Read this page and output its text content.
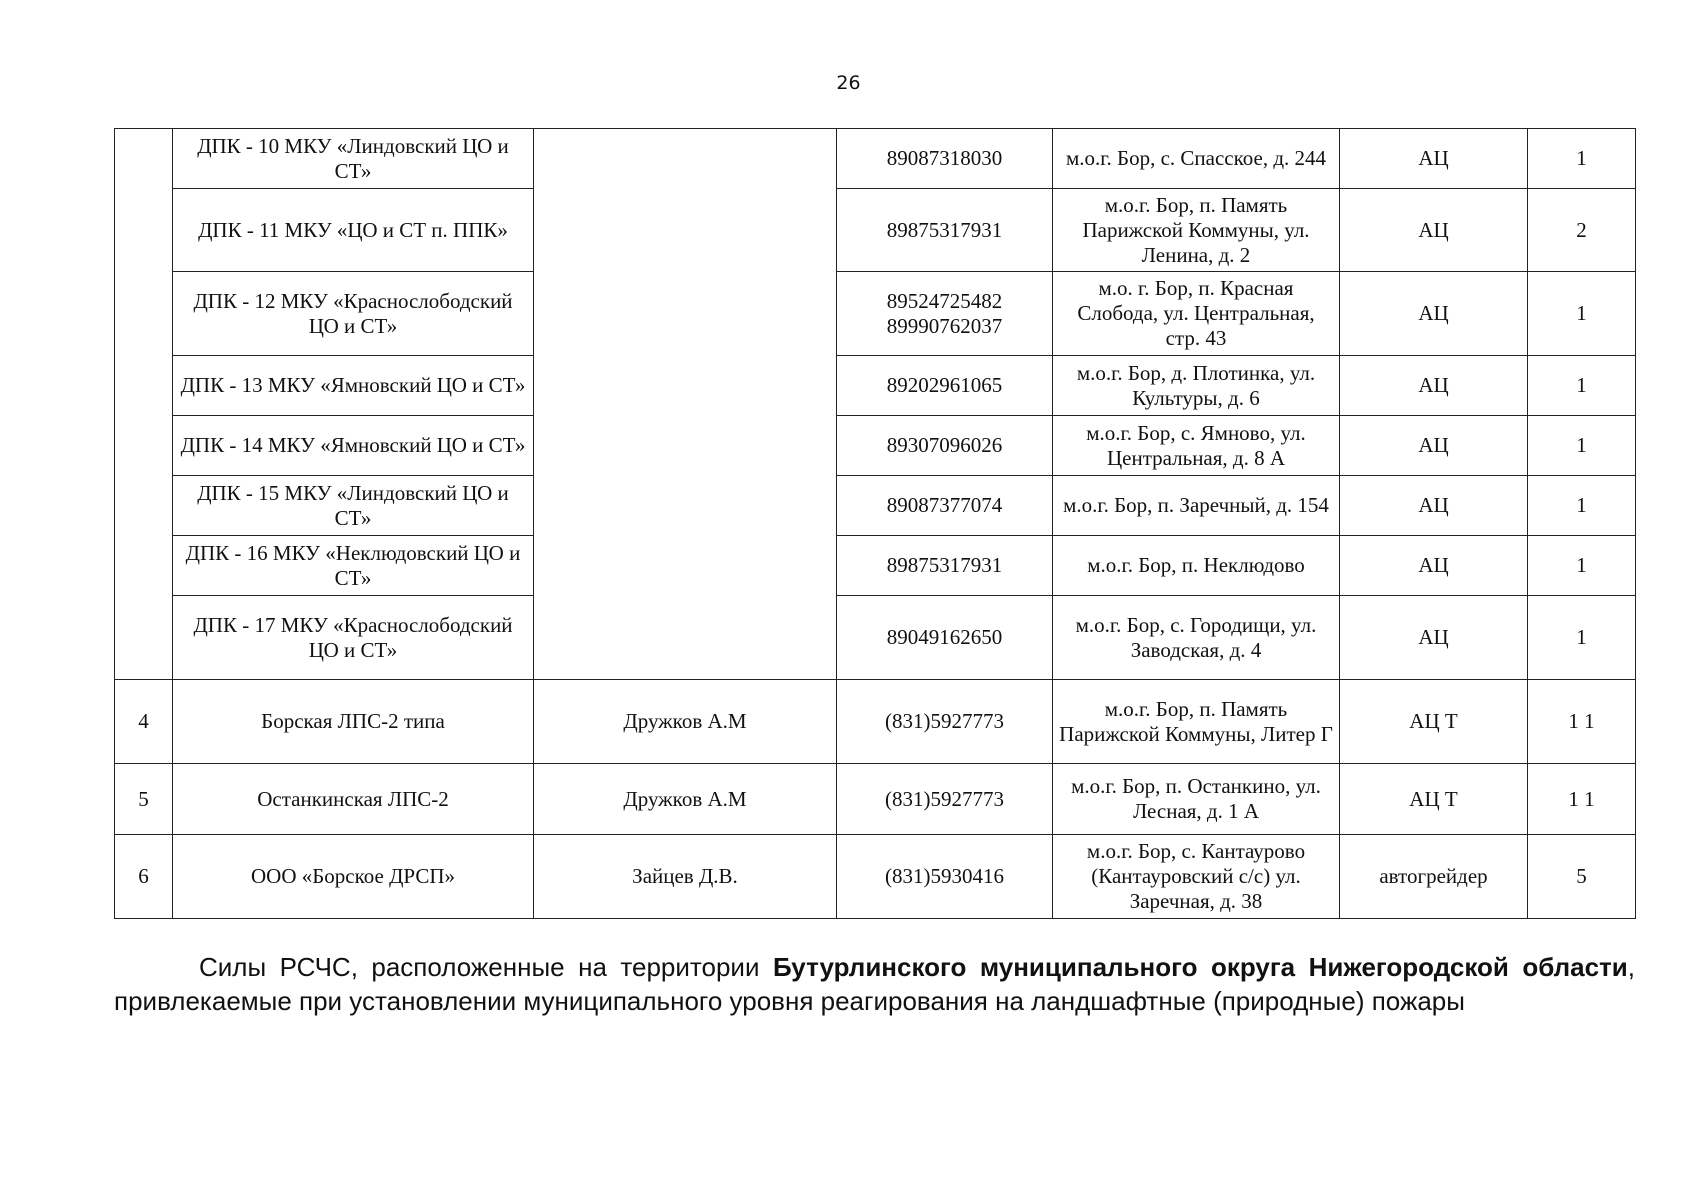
26
	ДПК - 10 МКУ «Линдовский ЦО и СТ»		89087318030	м.о.г. Бор, с. Спасское, д. 244	АЦ	1
	ДПК - 11 МКУ «ЦО и СТ п. ППК»		89875317931	м.о.г. Бор, п. Память Парижской Коммуны, ул. Ленина, д. 2	АЦ	2
	ДПК - 12 МКУ «Краснослободский ЦО и СТ»		89524725482 89990762037	м.о. г. Бор, п. Красная Слобода, ул. Центральная, стр. 43	АЦ	1
	ДПК - 13 МКУ «Ямновский ЦО и СТ»		89202961065	м.о.г. Бор, д. Плотинка, ул. Культуры, д. 6	АЦ	1
	ДПК - 14 МКУ «Ямновский ЦО и СТ»		89307096026	м.о.г. Бор, с. Ямново, ул. Центральная, д. 8 А	АЦ	1
	ДПК - 15 МКУ «Линдовский ЦО и СТ»		89087377074	м.о.г. Бор, п. Заречный, д. 154	АЦ	1
	ДПК - 16 МКУ «Неклюдовский ЦО и СТ»		89875317931	м.о.г. Бор, п. Неклюдово	АЦ	1
	ДПК - 17 МКУ «Краснослободский ЦО и СТ»		89049162650	м.о.г. Бор, с. Городищи, ул. Заводская, д. 4	АЦ	1
4	Борская ЛПС-2 типа	Дружков А.М	(831)5927773	м.о.г. Бор, п. Память Парижской Коммуны, Литер Г	АЦ Т	1 1
5	Останкинская ЛПС-2	Дружков А.М	(831)5927773	м.о.г. Бор, п. Останкино, ул. Лесная, д. 1 А	АЦ Т	1 1
6	ООО «Борское ДРСП»	Зайцев Д.В.	(831)5930416	м.о.г. Бор, с. Кантаурово (Кантауровский с/с) ул. Заречная, д. 38	автогрейдер	5

Силы РСЧС, расположенные на территории Бутурлинского муниципального округа Нижегородской области, привлекаемые при установлении муниципального уровня реагирования на ландшафтные (природные) пожары
